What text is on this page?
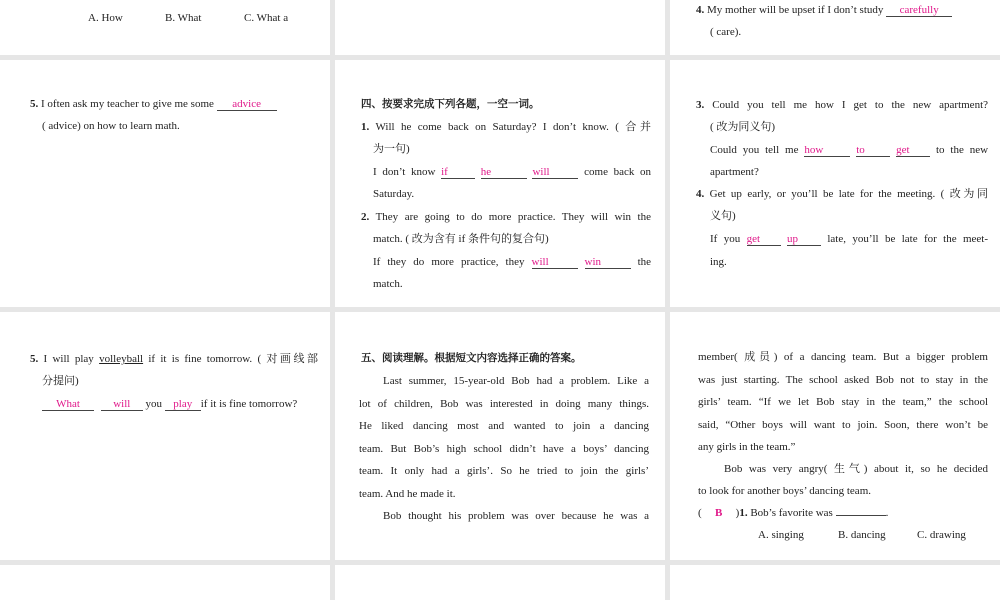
A. How	B. What	C. What a
4. My mother will be upset if I don’t study carefully
( care).
5. I often ask my teacher to give me some advice
( advice) on how to learn math.
四、按要求完成下列各题，一空一词。
1. Will he come back on Saturday? I don’t know. ( 合并
为一句)
I don’t know if	he	will	come back on
Saturday.
2. They are going to do more practice. They will win the
match. ( 改为含有 if 条件句的复合句)
If they do more practice, they will	win	the
match.
3. Could you tell me how I get to the new apartment?
( 改为同义句)
Could you tell me how	to	get to the new
apartment?
4. Get up early, or you’ll be late for the meeting. ( 改为同
义句)
If you get up	late, you’ll be late for the meet-
ing.
5. I will play volleyball if it is fine tomorrow. ( 对画线部
分提问)
What	will you play if it is fine tomorrow?
五、阅读理解。根据短文内容选择正确的答案。
Last summer, 15-year-old Bob had a problem. Like a
lot of children, Bob was interested in doing many things.
He liked dancing most and wanted to join a dancing
team. But Bob’s high school didn’t have a boys’ dancing
team. It only had a girls’. So he tried to join the girls’
team. And he made it.
Bob thought his problem was over because he was a
member( 成员) of a dancing team. But a bigger problem
was just starting. The school asked Bob not to stay in the
girls’ team. “If we let Bob stay in the team,” the school
said, “Other boys will want to join. Soon, there won’t be
any girls in the team.”
Bob was very angry( 生气) about it, so he decided
to look for another boys’ dancing team.
( B )1. Bob’s favorite was	.
A. singing	B. dancing	C. drawing
